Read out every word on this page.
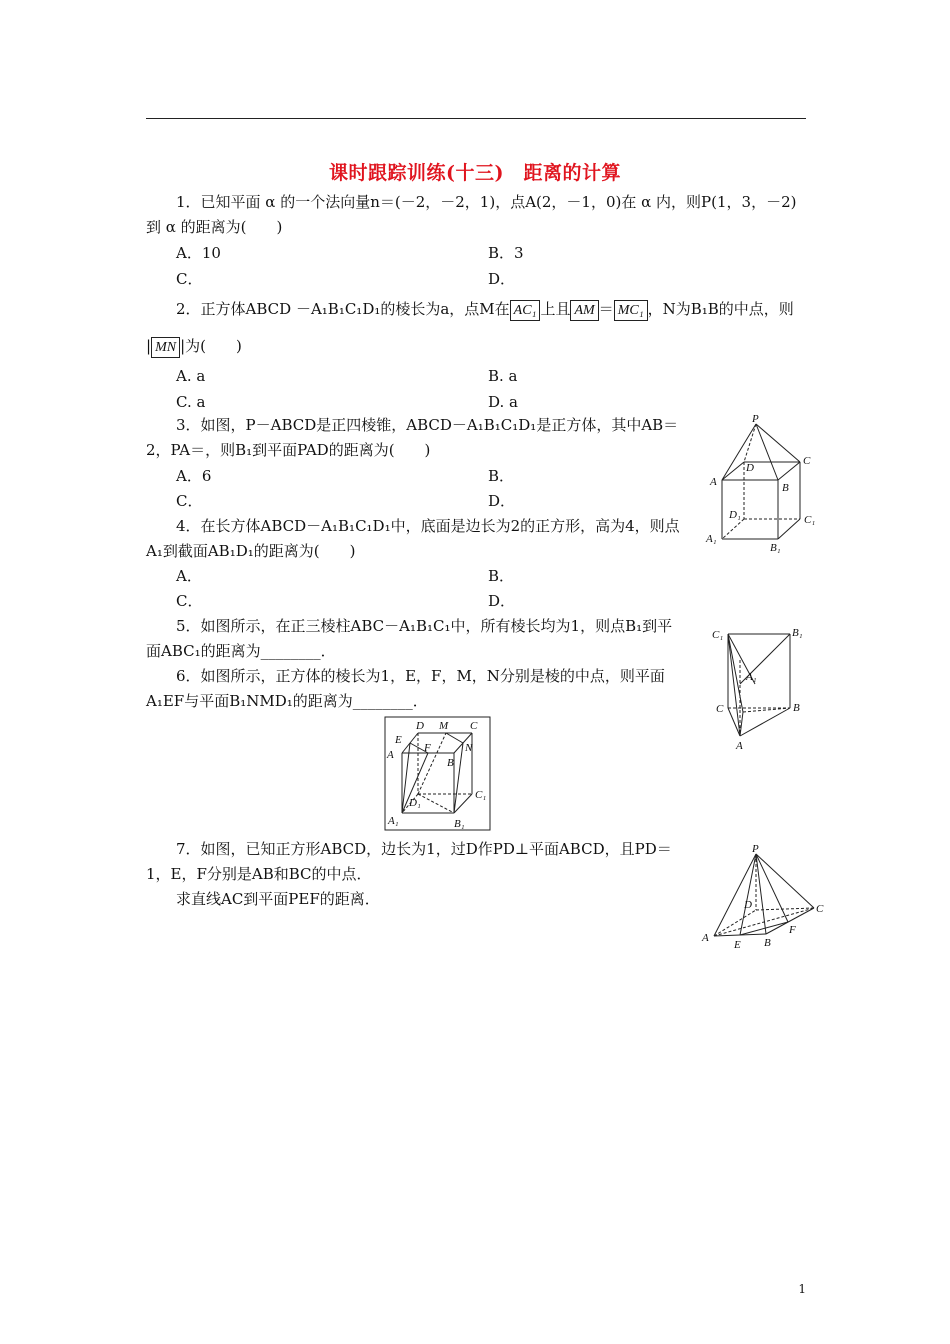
课时跟踪训练(十三)　距离的计算
1．已知平面 α 的一个法向量n＝(－2，－2，1)，点A(2，－1，0)在 α 内，则P(1，3，－2)
到 α 的距离为(　　)
A．10	B．3
C．	D．
2．正方体ABCD －A₁B₁C₁D₁的棱长为a，点M在 AC₁ 上且 AM ＝ MC₁ ，N为B₁B的中点，则
| MN |为(　　)
A. a	B. a
C. a	D. a
3．如图，P－ABCD是正四棱锥，ABCD－A₁B₁C₁D₁是正方体，其中AB＝
2，PA＝，则B₁到平面PAD的距离为(　　)
A．6	B．
C．	D．
4．在长方体ABCD－A₁B₁C₁D₁中，底面是边长为2的正方形，高为4，则点
A₁到截面AB₁D₁的距离为(　　)
A．	B．
C．	D．
5．如图所示，在正三棱柱ABC－A₁B₁C₁中，所有棱长均为1，则点B₁到平
面ABC₁的距离为________．
6．如图所示，正方体的棱长为1，E，F，M，N分别是棱的中点，则平面
A₁EF与平面B₁NMD₁的距离为________．
7．如图，已知正方形ABCD，边长为1，过D作PD⊥平面ABCD，且PD＝
1，E，F分别是AB和BC的中点．
求直线AC到平面PEF的距离．
P
D
C
A	B
D₁	C₁
A₁
B₁
C₁	B₁
A₁
C	B
A
D M C
E
F	N
A
B
D₁
C₁
A₁	B₁
P
D	C
A
E B
F
1
